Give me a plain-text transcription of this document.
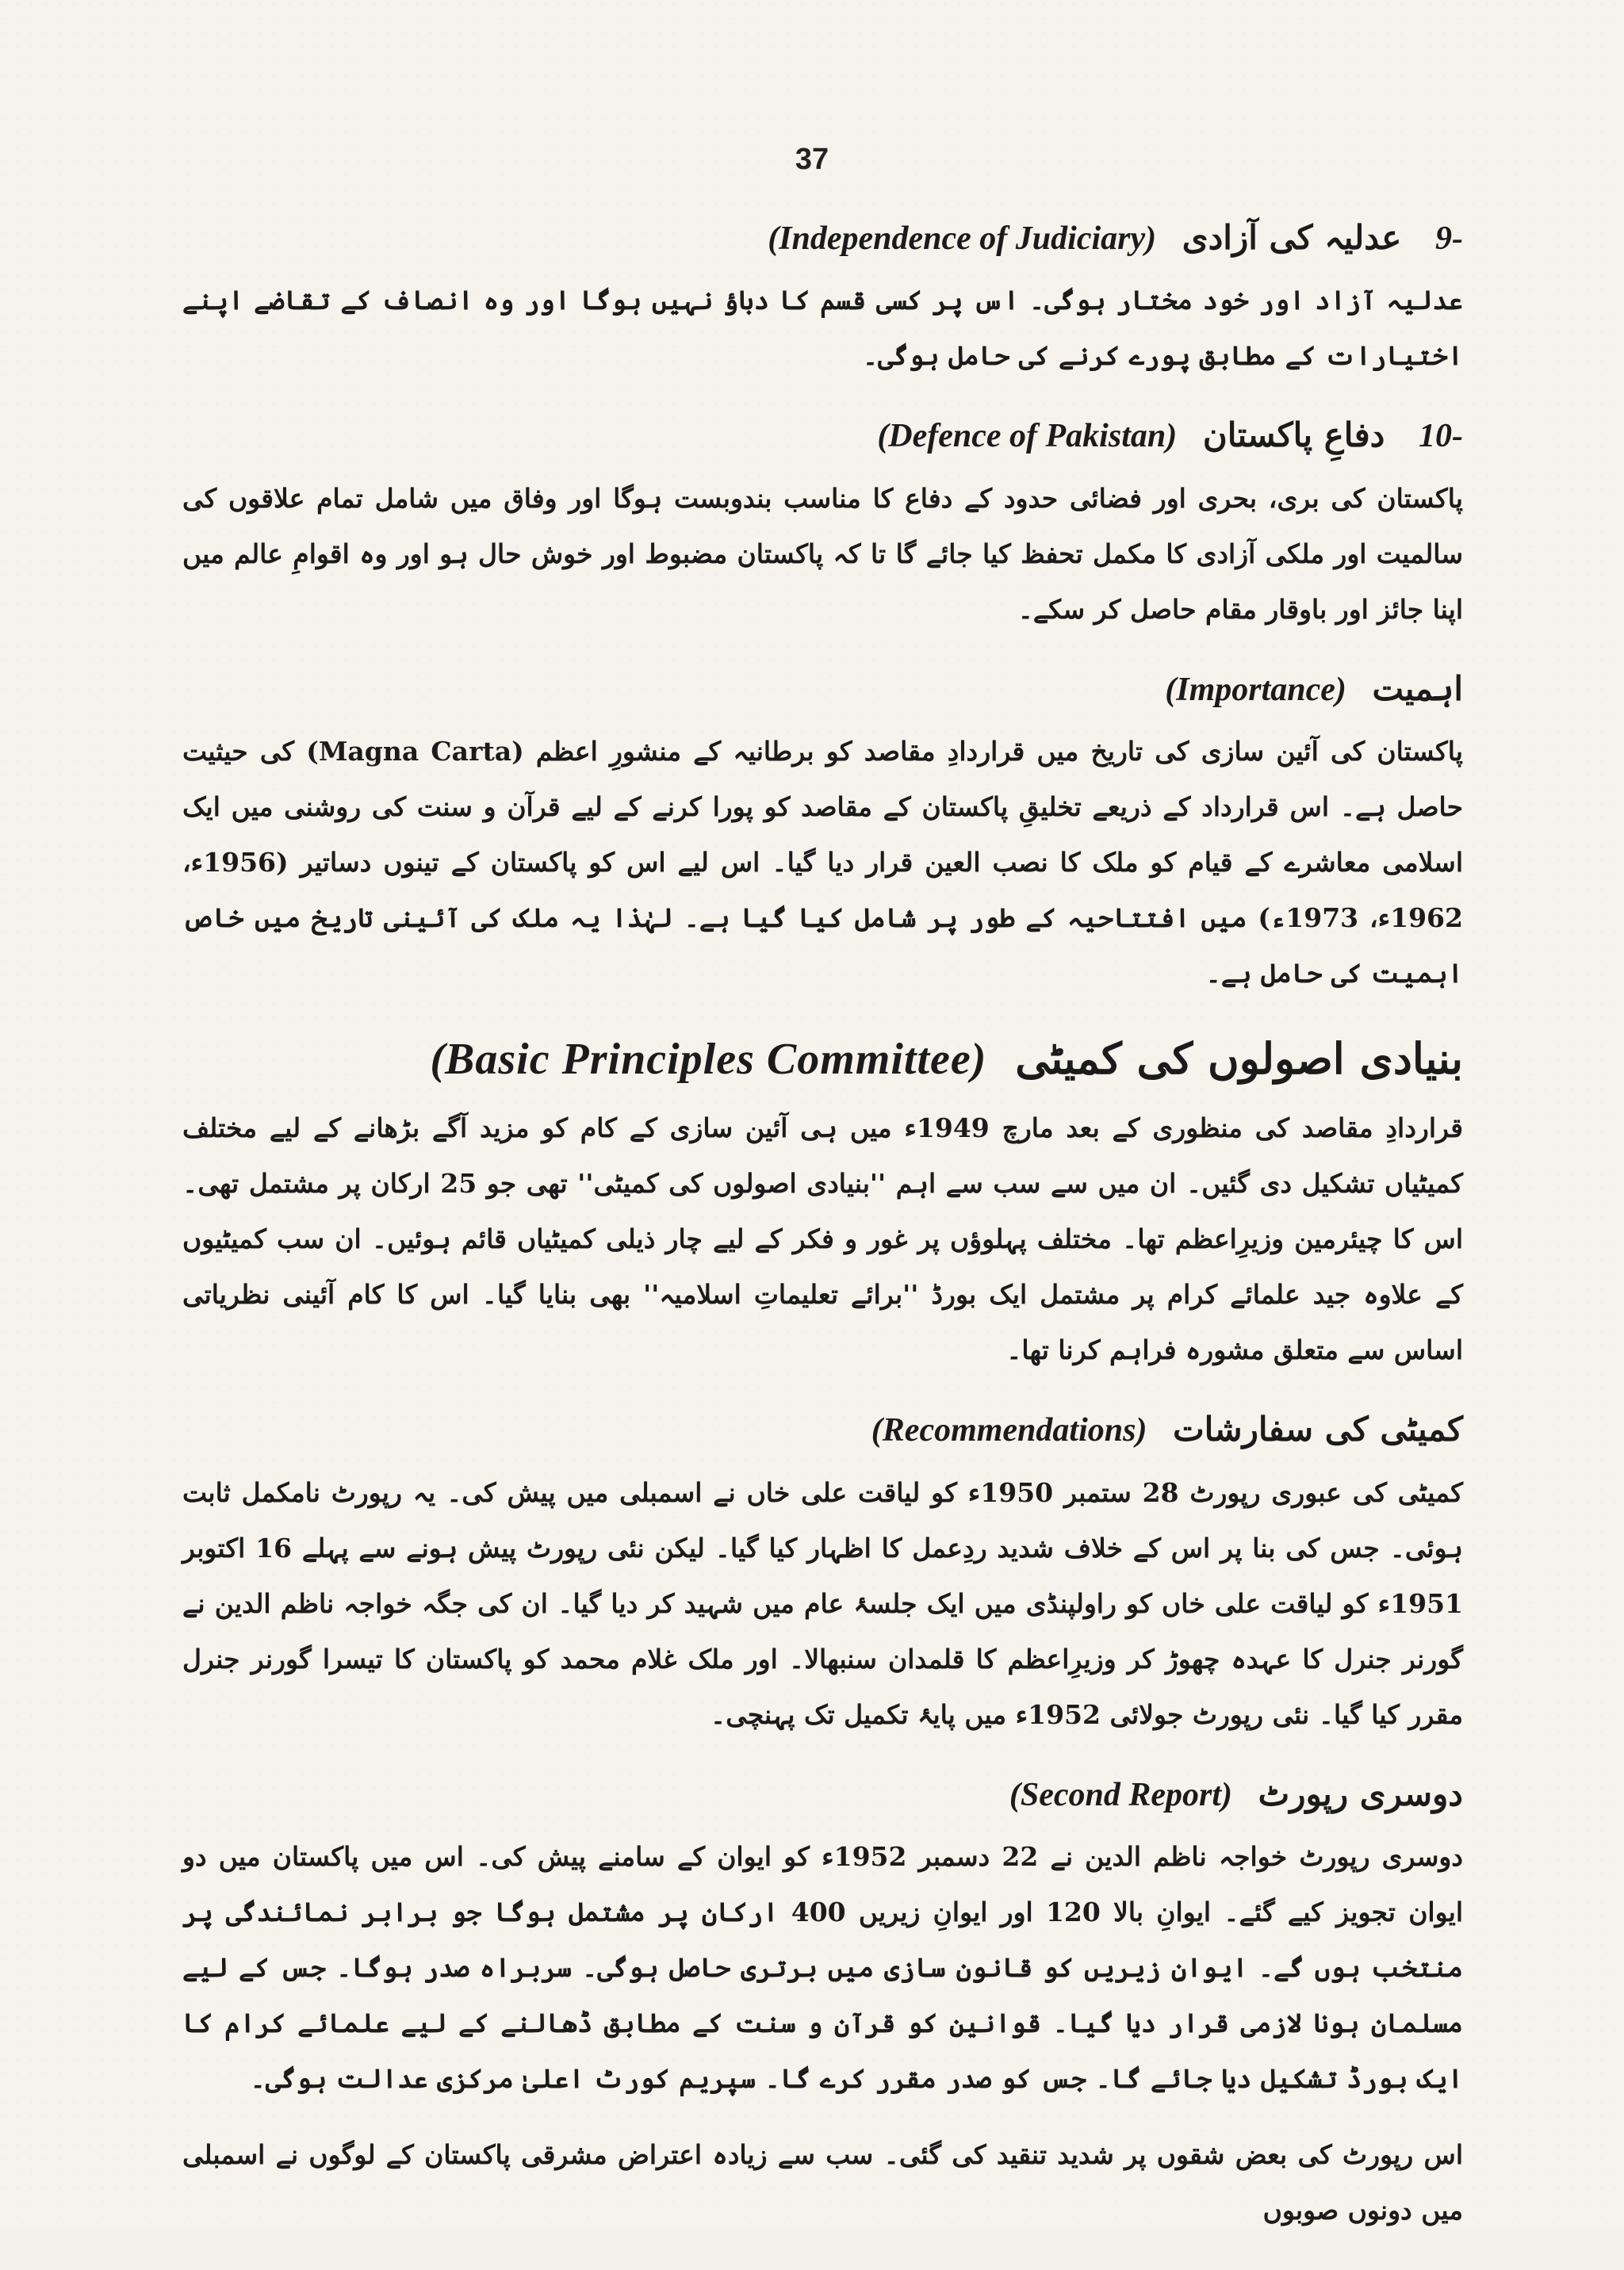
37
-9 عدلیہ کی آزادی (Independence of Judiciary)

عدلیہ آزاد اور خود مختار ہوگی۔ اس پر کسی قسم کا دباؤ نہیں ہوگا اور وہ انصاف کے تقاضے اپنے اختیارات کے مطابق پورے کرنے کی حامل ہوگی۔

-10 دفاعِ پاکستان (Defence of Pakistan)

پاکستان کی بری، بحری اور فضائی حدود کے دفاع کا مناسب بندوبست ہوگا اور وفاق میں شامل تمام علاقوں کی سالمیت اور ملکی آزادی کا مکمل تحفظ کیا جائے گا تا کہ پاکستان مضبوط اور خوش حال ہو اور وہ اقوامِ عالم میں اپنا جائز اور باوقار مقام حاصل کر سکے۔

اہمیت (Importance)

پاکستان کی آئین سازی کی تاریخ میں قراردادِ مقاصد کو برطانیہ کے منشورِ اعظم (Magna Carta) کی حیثیت حاصل ہے۔ اس قرارداد کے ذریعے تخلیقِ پاکستان کے مقاصد کو پورا کرنے کے لیے قرآن و سنت کی روشنی میں ایک اسلامی معاشرے کے قیام کو ملک کا نصب العین قرار دیا گیا۔ اس لیے اس کو پاکستان کے تینوں دساتیر (1956ء، 1962ء، 1973ء) میں افتتاحیہ کے طور پر شامل کیا گیا ہے۔ لہٰذا یہ ملک کی آئینی تاریخ میں خاص اہمیت کی حامل ہے۔

بنیادی اصولوں کی کمیٹی (Basic Principles Committee)

قراردادِ مقاصد کی منظوری کے بعد مارچ 1949ء میں ہی آئین سازی کے کام کو مزید آگے بڑھانے کے لیے مختلف کمیٹیاں تشکیل دی گئیں۔ ان میں سے سب سے اہم ''بنیادی اصولوں کی کمیٹی'' تھی جو 25 ارکان پر مشتمل تھی۔ اس کا چیئرمین وزیرِاعظم تھا۔ مختلف پہلوؤں پر غور و فکر کے لیے چار ذیلی کمیٹیاں قائم ہوئیں۔ ان سب کمیٹیوں کے علاوہ جید علمائے کرام پر مشتمل ایک بورڈ ''برائے تعلیماتِ اسلامیہ'' بھی بنایا گیا۔ اس کا کام آئینی نظریاتی اساس سے متعلق مشورہ فراہم کرنا تھا۔

کمیٹی کی سفارشات (Recommendations)

کمیٹی کی عبوری رپورٹ 28 ستمبر 1950ء کو لیاقت علی خاں نے اسمبلی میں پیش کی۔ یہ رپورٹ نامکمل ثابت ہوئی۔ جس کی بنا پر اس کے خلاف شدید ردِعمل کا اظہار کیا گیا۔ لیکن نئی رپورٹ پیش ہونے سے پہلے 16 اکتوبر 1951ء کو لیاقت علی خاں کو راولپنڈی میں ایک جلسۂ عام میں شہید کر دیا گیا۔ ان کی جگہ خواجہ ناظم الدین نے گورنر جنرل کا عہدہ چھوڑ کر وزیرِاعظم کا قلمدان سنبھالا۔ اور ملک غلام محمد کو پاکستان کا تیسرا گورنر جنرل مقرر کیا گیا۔ نئی رپورٹ جولائی 1952ء میں پایۂ تکمیل تک پہنچی۔

دوسری رپورٹ (Second Report)

دوسری رپورٹ خواجہ ناظم الدین نے 22 دسمبر 1952ء کو ایوان کے سامنے پیش کی۔ اس میں پاکستان میں دو ایوان تجویز کیے گئے۔ ایوانِ بالا 120 اور ایوانِ زیریں 400 ارکان پر مشتمل ہوگا جو برابر نمائندگی پر منتخب ہوں گے۔ ایوانِ زیریں کو قانون سازی میں برتری حاصل ہوگی۔ سربراہ صدر ہوگا۔ جس کے لیے مسلمان ہونا لازمی قرار دیا گیا۔ قوانین کو قرآن و سنت کے مطابق ڈھالنے کے لیے علمائے کرام کا ایک بورڈ تشکیل دیا جائے گا۔ جس کو صدر مقرر کرے گا۔ سپریم کورٹ اعلیٰ مرکزی عدالت ہوگی۔

اس رپورٹ کی بعض شقوں پر شدید تنقید کی گئی۔ سب سے زیادہ اعتراض مشرقی پاکستان کے لوگوں نے اسمبلی میں دونوں صوبوں
